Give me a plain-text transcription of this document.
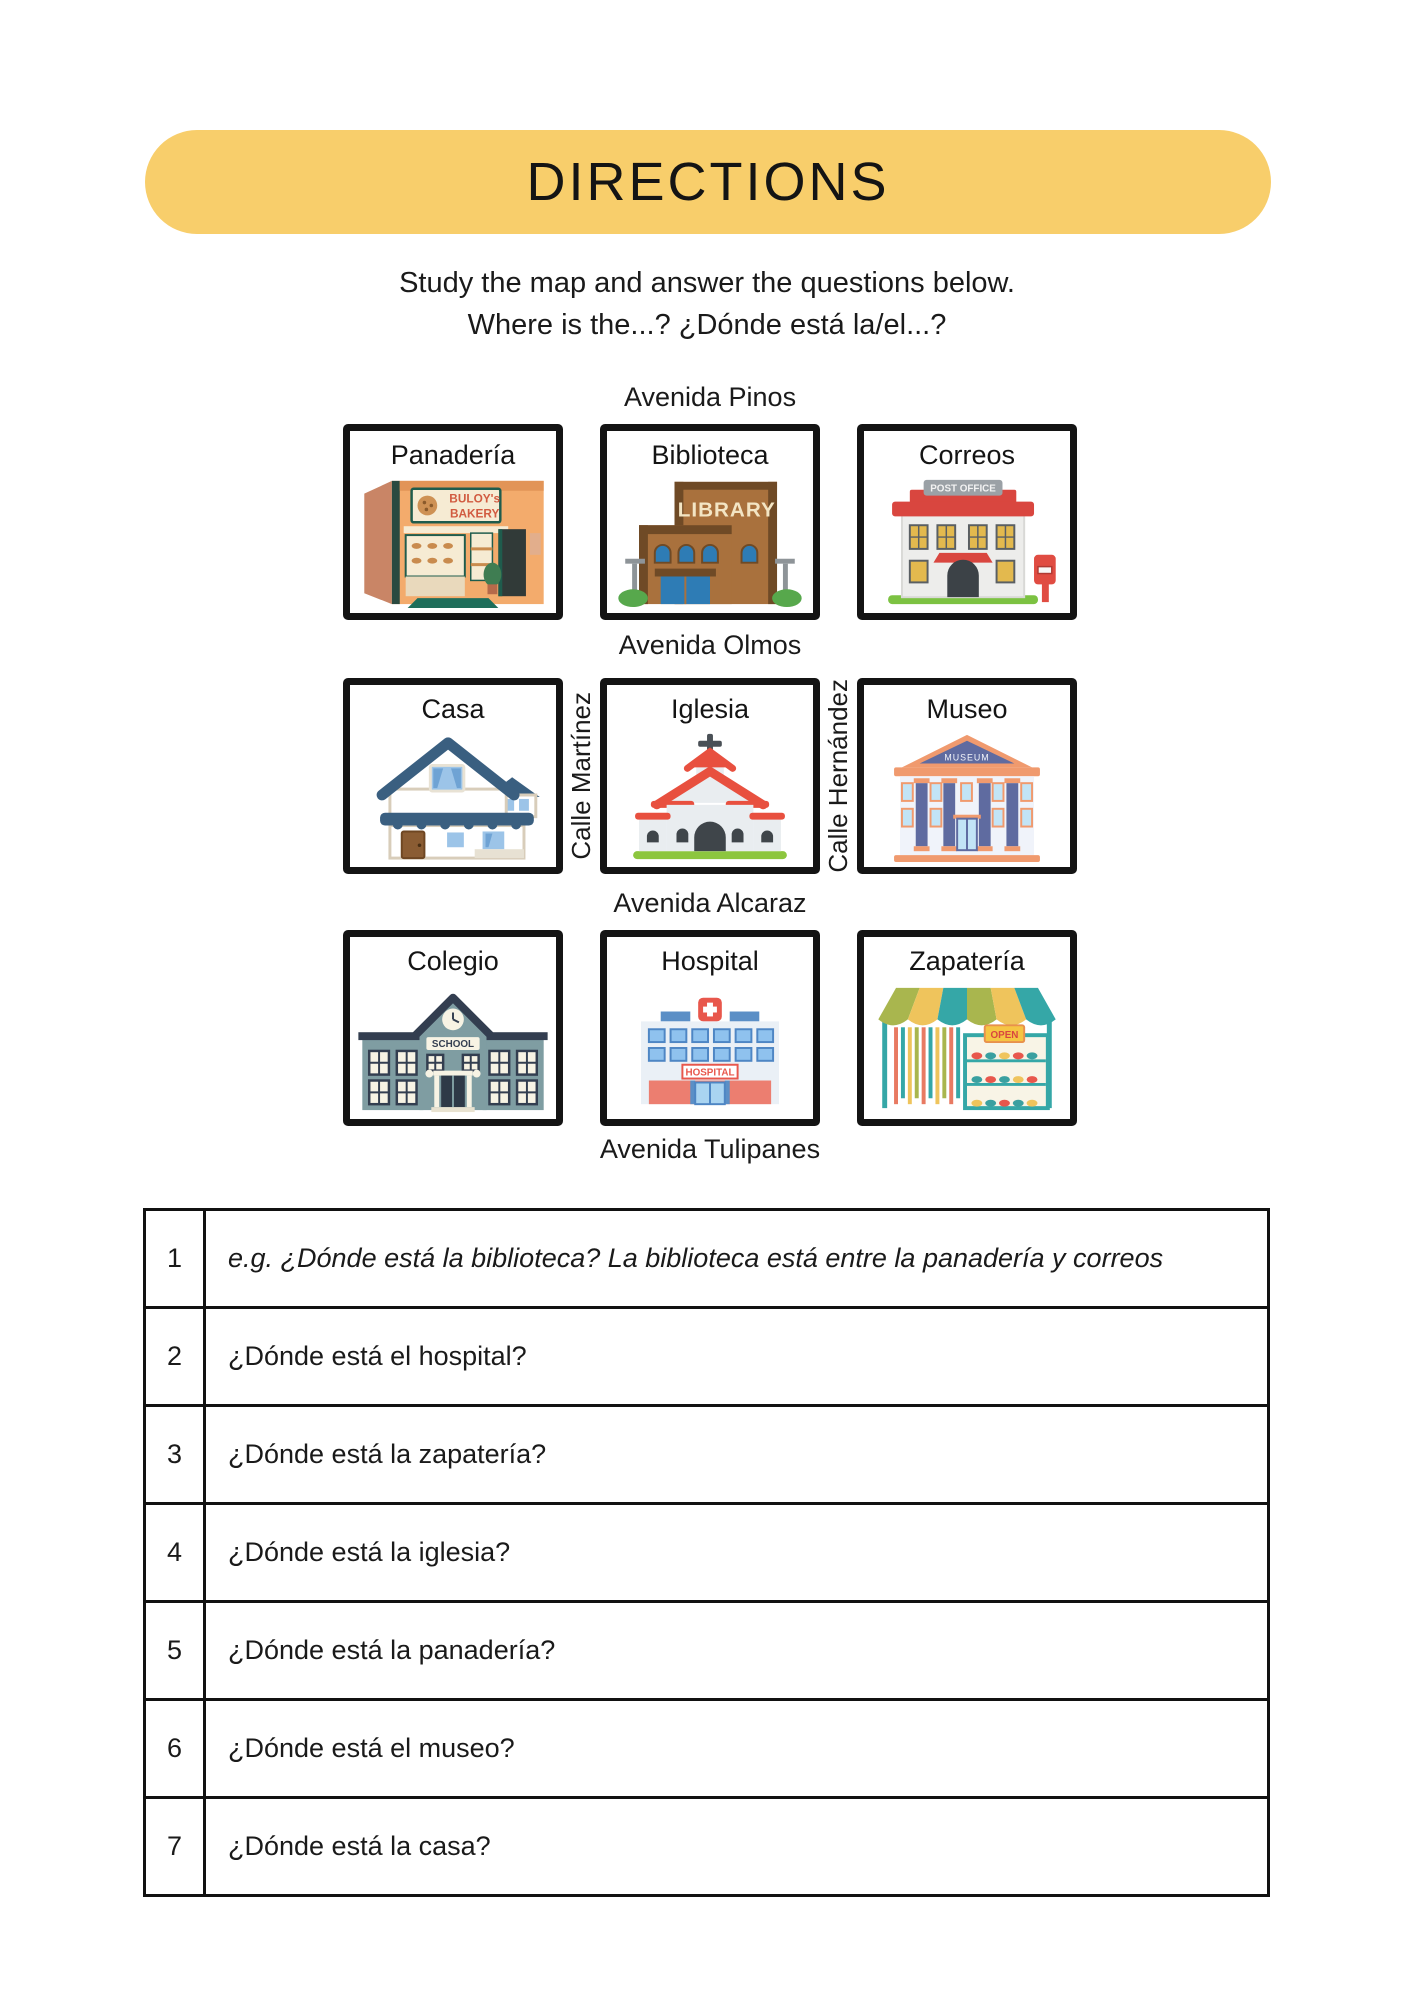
DIRECTIONS
Study the map and answer the questions below.
Where is the...? ¿Dónde está la/el...?
Avenida Pinos
Avenida Olmos
Avenida Alcaraz
Avenida Tulipanes
Calle Martínez	Calle Hernández
Panadería
BULOY's
BAKERY
Biblioteca
LIBRARY
Correos
POST OFFICE
Casa	Iglesia	Museo
MUSEUM
Colegio
SCHOOL
Hospital
HOSPITAL
Zapatería
OPEN
1	e.g. ¿Dónde está la biblioteca? La biblioteca está entre la panadería y correos
2	¿Dónde está el hospital?
3	¿Dónde está la zapatería?
4	¿Dónde está la iglesia?
5	¿Dónde está la panadería?
6	¿Dónde está el museo?
7	¿Dónde está la casa?
